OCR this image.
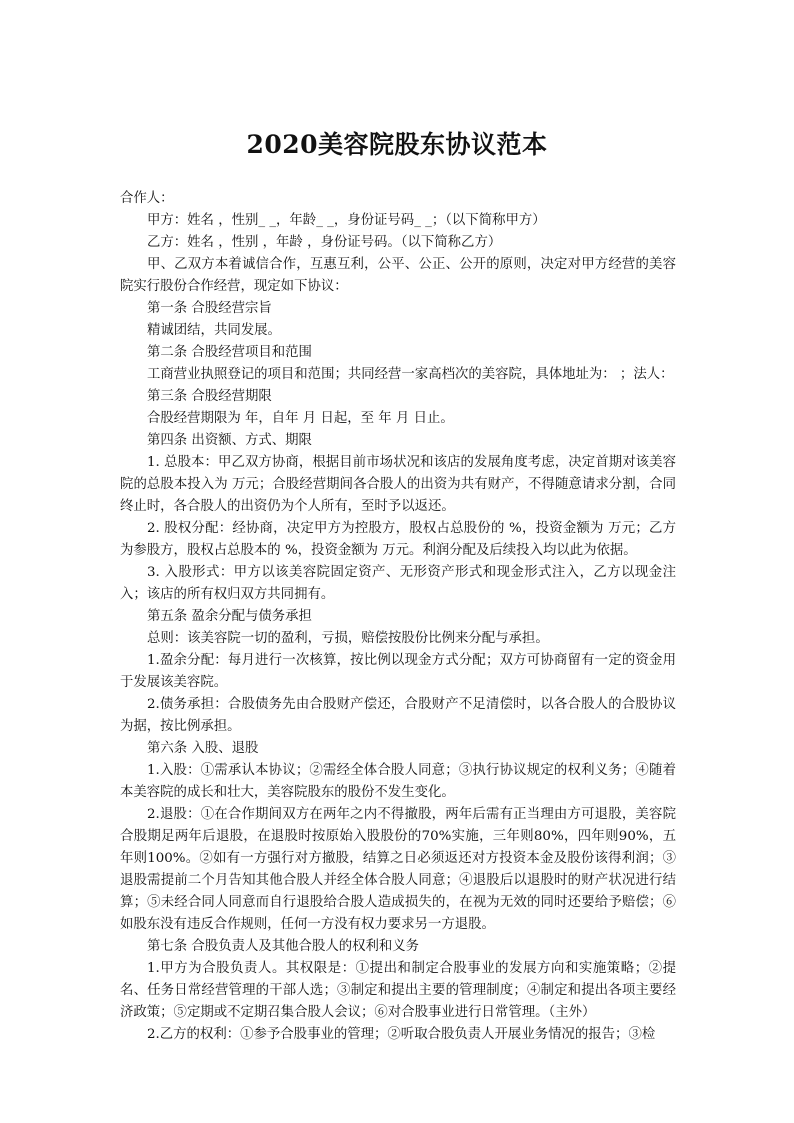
2020美容院股东协议范本

合作人：

甲方：姓名 ，性别_ _，年龄_ _，身份证号码_ _；（以下简称甲方）

乙方：姓名 ，性别 ，年龄 ，身份证号码。（以下简称乙方）

甲、乙双方本着诚信合作，互惠互利，公平、公正、公开的原则，决定对甲方经营的美容院实行股份合作经营，现定如下协议：

第一条 合股经营宗旨

精诚团结，共同发展。

第二条 合股经营项目和范围

工商营业执照登记的项目和范围；共同经营一家高档次的美容院，具体地址为： ；法人：

第三条 合股经营期限

合股经营期限为 年，自年 月 日起，至 年 月 日止。

第四条 出资额、方式、期限

1. 总股本：甲乙双方协商，根据目前市场状况和该店的发展角度考虑，决定首期对该美容院的总股本投入为 万元；合股经营期间各合股人的出资为共有财产，不得随意请求分割，合同终止时，各合股人的出资仍为个人所有，至时予以返还。

2. 股权分配：经协商，决定甲方为控股方，股权占总股份的 %，投资金额为 万元；乙方为参股方，股权占总股本的 %，投资金额为 万元。利润分配及后续投入均以此为依据。

3. 入股形式：甲方以该美容院固定资产、无形资产形式和现金形式注入，乙方以现金注入；该店的所有权归双方共同拥有。

第五条 盈余分配与债务承担

总则：该美容院一切的盈利，亏损，赔偿按股份比例来分配与承担。

1.盈余分配：每月进行一次核算，按比例以现金方式分配；双方可协商留有一定的资金用于发展该美容院。

2.债务承担：合股债务先由合股财产偿还，合股财产不足清偿时，以各合股人的合股协议为据，按比例承担。

第六条 入股、退股

1.入股：①需承认本协议；②需经全体合股人同意；③执行协议规定的权利义务；④随着本美容院的成长和壮大，美容院股东的股份不发生变化。

2.退股：①在合作期间双方在两年之内不得撤股，两年后需有正当理由方可退股，美容院合股期足两年后退股，在退股时按原始入股股份的70%实施，三年则80%，四年则90%，五年则100%。②如有一方强行对方撤股，结算之日必须返还对方投资本金及股份该得利润；③退股需提前二个月告知其他合股人并经全体合股人同意；④退股后以退股时的财产状况进行结算；⑤未经合同人同意而自行退股给合股人造成损失的，在视为无效的同时还要给予赔偿；⑥如股东没有违反合作规则，任何一方没有权力要求另一方退股。

第七条 合股负责人及其他合股人的权利和义务

1.甲方为合股负责人。其权限是：①提出和制定合股事业的发展方向和实施策略；②提名、任务日常经营管理的干部人选；③制定和提出主要的管理制度；④制定和提出各项主要经济政策；⑤定期或不定期召集合股人会议；⑥对合股事业进行日常管理。（主外）

2.乙方的权利：①参予合股事业的管理；②听取合股负责人开展业务情况的报告；③检
